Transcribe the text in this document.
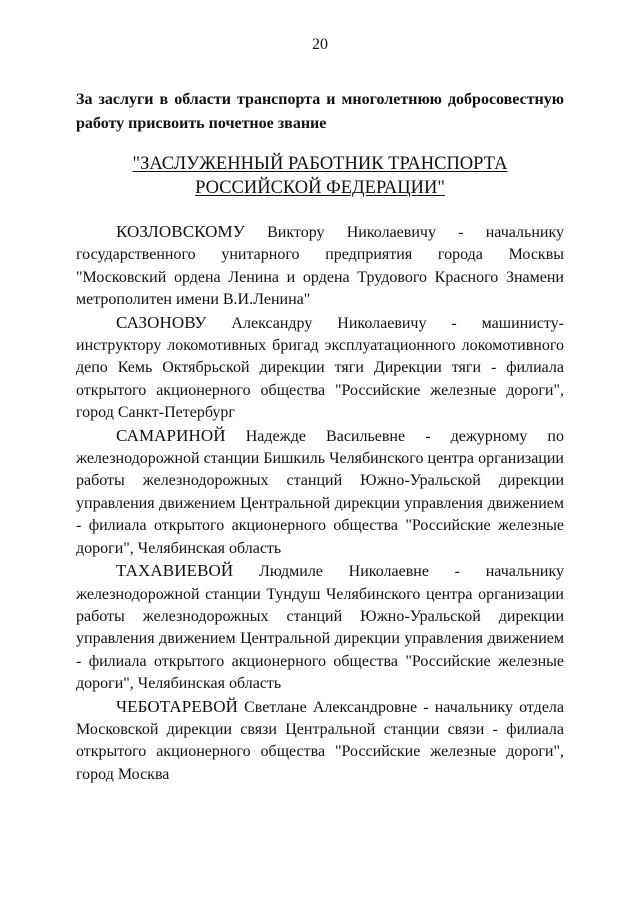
20
За заслуги в области транспорта и многолетнюю добросовестную работу присвоить почетное звание
"ЗАСЛУЖЕННЫЙ РАБОТНИК ТРАНСПОРТА
РОССИЙСКОЙ ФЕДЕРАЦИИ"

КОЗЛОВСКОМУ Виктору Николаевичу - начальнику государственного унитарного предприятия города Москвы "Московский ордена Ленина и ордена Трудового Красного Знамени метрополитен имени В.И.Ленина"

САЗОНОВУ Александру Николаевичу - машинисту-инструктору локомотивных бригад эксплуатационного локомотивного депо Кемь Октябрьской дирекции тяги Дирекции тяги - филиала открытого акционерного общества "Российские железные дороги", город Санкт-Петербург

САМАРИНОЙ Надежде Васильевне - дежурному по железнодорожной станции Бишкиль Челябинского центра организации работы железнодорожных станций Южно-Уральской дирекции управления движением Центральной дирекции управления движением - филиала открытого акционерного общества "Российские железные дороги", Челябинская область

ТАХАВИЕВОЙ Людмиле Николаевне - начальнику железнодорожной станции Тундуш Челябинского центра организации работы железнодорожных станций Южно-Уральской дирекции управления движением Центральной дирекции управления движением - филиала открытого акционерного общества "Российские железные дороги", Челябинская область

ЧЕБОТАРЕВОЙ Светлане Александровне - начальнику отдела Московской дирекции связи Центральной станции связи - филиала открытого акционерного общества "Российские железные дороги", город Москва
